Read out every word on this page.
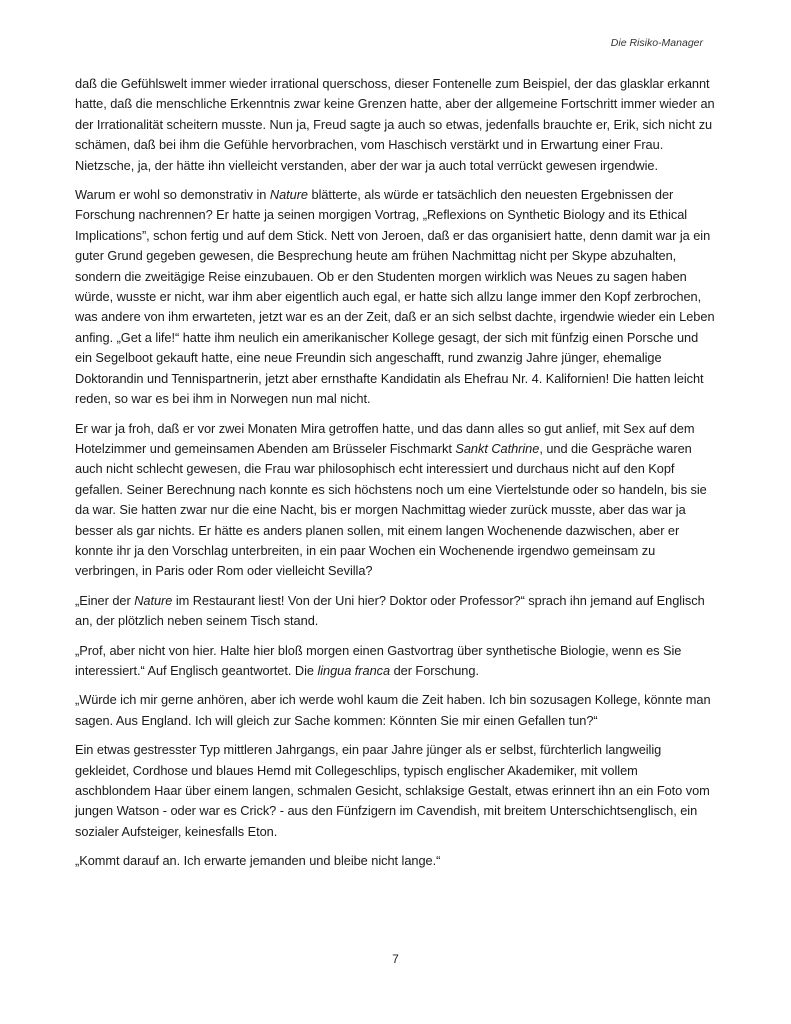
Die Risiko-Manager

daß die Gefühlswelt immer wieder irrational querschoss, dieser Fontenelle zum Beispiel, der das glasklar erkannt hatte, daß die menschliche Erkenntnis zwar keine Grenzen hatte, aber der allgemeine Fortschritt immer wieder an der Irrationalität scheitern musste. Nun ja, Freud sagte ja auch so etwas, jedenfalls brauchte er, Erik, sich nicht zu schämen, daß bei ihm die Gefühle hervorbrachen, vom Haschisch verstärkt und in Erwartung einer Frau. Nietzsche, ja, der hätte ihn vielleicht verstanden, aber der war ja auch total verrückt gewesen irgendwie.

Warum er wohl so demonstrativ in Nature blätterte, als würde er tatsächlich den neuesten Ergebnissen der Forschung nachrennen? Er hatte ja seinen morgigen Vortrag, „Reflexions on Synthetic Biology and its Ethical Implications”, schon fertig und auf dem Stick. Nett von Jeroen, daß er das organisiert hatte, denn damit war ja ein guter Grund gegeben gewesen, die Besprechung heute am frühen Nachmittag nicht per Skype abzuhalten, sondern die zweitägige Reise einzubauen. Ob er den Studenten morgen wirklich was Neues zu sagen haben würde, wusste er nicht, war ihm aber eigentlich auch egal, er hatte sich allzu lange immer den Kopf zerbrochen, was andere von ihm erwarteten, jetzt war es an der Zeit, daß er an sich selbst dachte, irgendwie wieder ein Leben anfing. „Get a life!“ hatte ihm neulich ein amerikanischer Kollege gesagt, der sich mit fünfzig einen Porsche und ein Segelboot gekauft hatte, eine neue Freundin sich angeschafft, rund zwanzig Jahre jünger, ehemalige Doktorandin und Tennispartnerin, jetzt aber ernsthafte Kandidatin als Ehefrau Nr. 4. Kalifornien! Die hatten leicht reden, so war es bei ihm in Norwegen nun mal nicht.

Er war ja froh, daß er vor zwei Monaten Mira getroffen hatte, und das dann alles so gut anlief, mit Sex auf dem Hotelzimmer und gemeinsamen Abenden am Brüsseler Fischmarkt Sankt Cathrine, und die Gespräche waren auch nicht schlecht gewesen, die Frau war philosophisch echt interessiert und durchaus nicht auf den Kopf gefallen. Seiner Berechnung nach konnte es sich höchstens noch um eine Viertelstunde oder so handeln, bis sie da war. Sie hatten zwar nur die eine Nacht, bis er morgen Nachmittag wieder zurück musste, aber das war ja besser als gar nichts. Er hätte es anders planen sollen, mit einem langen Wochenende dazwischen, aber er konnte ihr ja den Vorschlag unterbreiten, in ein paar Wochen ein Wochenende irgendwo gemeinsam zu verbringen, in Paris oder Rom oder vielleicht Sevilla?

„Einer der Nature im Restaurant liest! Von der Uni hier? Doktor oder Professor?“ sprach ihn jemand auf Englisch an, der plötzlich neben seinem Tisch stand.

„Prof, aber nicht von hier. Halte hier bloß morgen einen Gastvortrag über synthetische Biologie, wenn es Sie interessiert.“ Auf Englisch geantwortet. Die lingua franca der Forschung.

„Würde ich mir gerne anhören, aber ich werde wohl kaum die Zeit haben. Ich bin sozusagen Kollege, könnte man sagen. Aus England. Ich will gleich zur Sache kommen: Könnten Sie mir einen Gefallen tun?“

Ein etwas gestresster Typ mittleren Jahrgangs, ein paar Jahre jünger als er selbst, fürchterlich langweilig gekleidet, Cordhose und blaues Hemd mit Collegeschlips, typisch englischer Akademiker, mit vollem aschblondem Haar über einem langen, schmalen Gesicht, schlaksige Gestalt, etwas erinnert ihn an ein Foto vom jungen Watson - oder war es Crick? - aus den Fünfzigern im Cavendish, mit breitem Unterschichtsenglisch, ein sozialer Aufsteiger, keinesfalls Eton.

„Kommt darauf an. Ich erwarte jemanden und bleibe nicht lange.“

7
